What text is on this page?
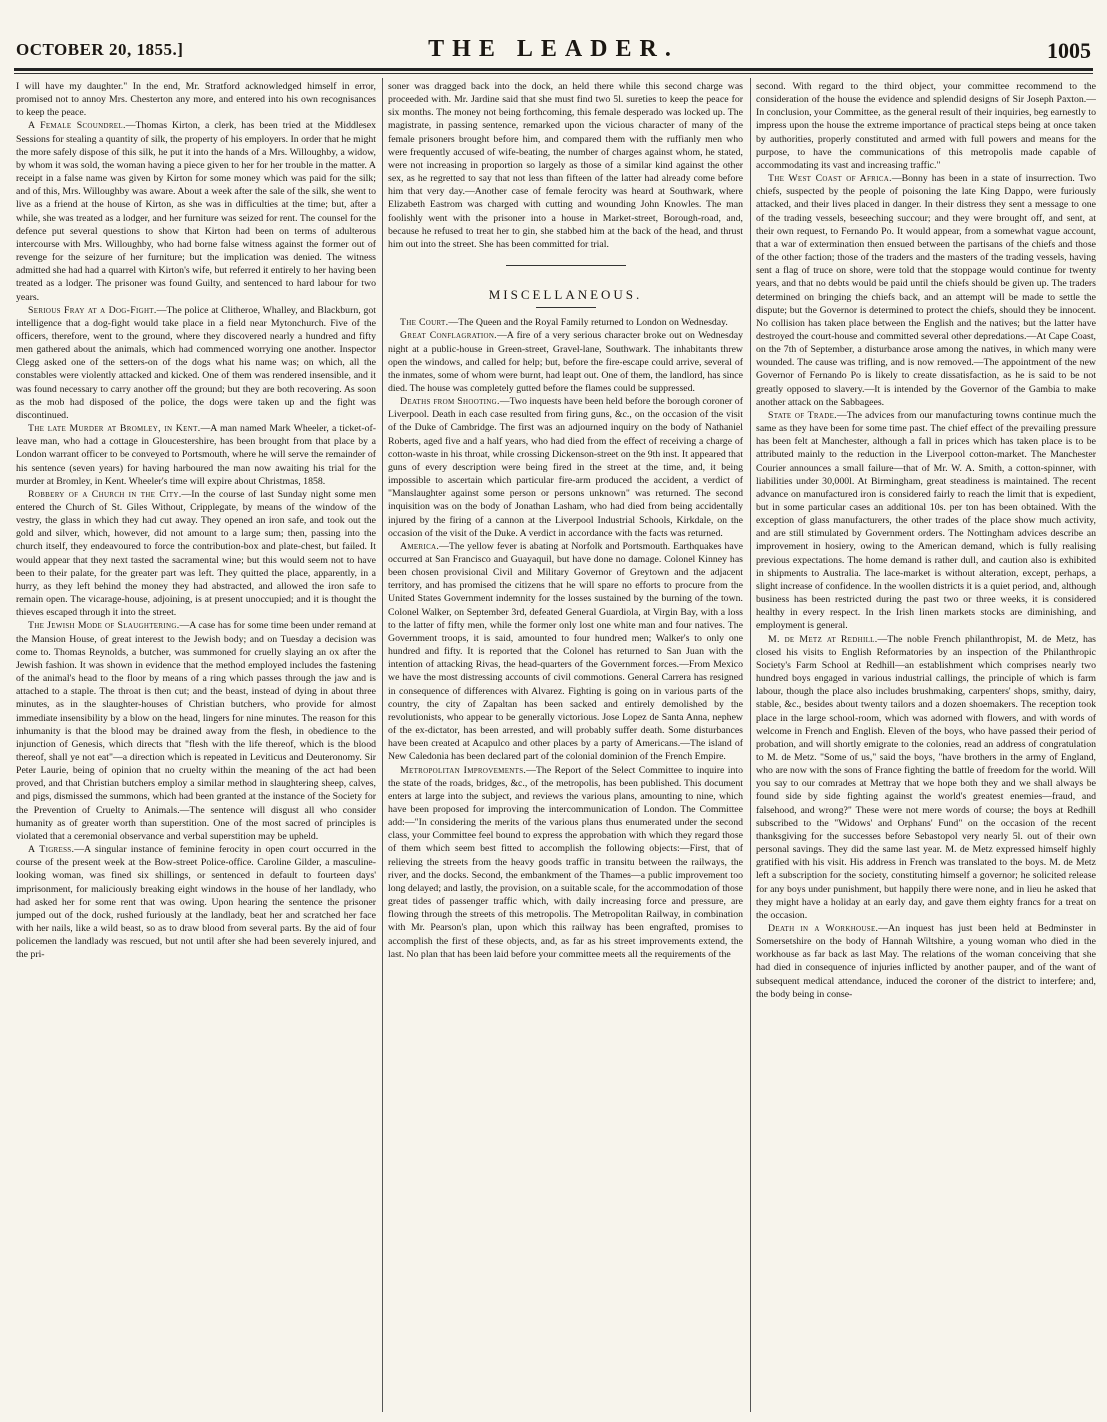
OCTOBER 20, 1855.]	THE LEADER.	1005

I will have my daughter." In the end, Mr. Stratford acknowledged himself in error, promised not to annoy Mrs. Chesterton any more, and entered into his own recognisances to keep the peace.

A Female Scoundrel.—Thomas Kirton, a clerk, has been tried at the Middlesex Sessions for stealing a quantity of silk, the property of his employers. In order that he might the more safely dispose of this silk, he put it into the hands of a Mrs. Willoughby, a widow, by whom it was sold, the woman having a piece given to her for her trouble in the matter. A receipt in a false name was given by Kirton for some money which was paid for the silk; and of this, Mrs. Willoughby was aware. About a week after the sale of the silk, she went to live as a friend at the house of Kirton, as she was in difficulties at the time; but, after a while, she was treated as a lodger, and her furniture was seized for rent. The counsel for the defence put several questions to show that Kirton had been on terms of adulterous intercourse with Mrs. Willoughby, who had borne false witness against the former out of revenge for the seizure of her furniture; but the implication was denied. The witness admitted she had had a quarrel with Kirton's wife, but referred it entirely to her having been treated as a lodger. The prisoner was found Guilty, and sentenced to hard labour for two years.

Serious Fray at a Dog-Fight.—The police at Clitheroe, Whalley, and Blackburn, got intelligence that a dog-fight would take place in a field near Mytonchurch. Five of the officers, therefore, went to the ground, where they discovered nearly a hundred and fifty men gathered about the animals, which had commenced worrying one another. Inspector Clegg asked one of the setters-on of the dogs what his name was; on which, all the constables were violently attacked and kicked. One of them was rendered insensible, and it was found necessary to carry another off the ground; but they are both recovering. As soon as the mob had disposed of the police, the dogs were taken up and the fight was discontinued.

The late Murder at Bromley, in Kent.—A man named Mark Wheeler, a ticket-of-leave man, who had a cottage in Gloucestershire, has been brought from that place by a London warrant officer to be conveyed to Portsmouth, where he will serve the remainder of his sentence (seven years) for having harboured the man now awaiting his trial for the murder at Bromley, in Kent. Wheeler's time will expire about Christmas, 1858.

Robbery of a Church in the City.—In the course of last Sunday night some men entered the Church of St. Giles Without, Cripplegate, by means of the window of the vestry, the glass in which they had cut away. They opened an iron safe, and took out the gold and silver, which, however, did not amount to a large sum; then, passing into the church itself, they endeavoured to force the contribution-box and plate-chest, but failed. It would appear that they next tasted the sacramental wine; but this would seem not to have been to their palate, for the greater part was left. They quitted the place, apparently, in a hurry, as they left behind the money they had abstracted, and allowed the iron safe to remain open. The vicarage-house, adjoining, is at present unoccupied; and it is thought the thieves escaped through it into the street.

The Jewish Mode of Slaughtering.—A case has for some time been under remand at the Mansion House, of great interest to the Jewish body; and on Tuesday a decision was come to. Thomas Reynolds, a butcher, was summoned for cruelly slaying an ox after the Jewish fashion. It was shown in evidence that the method employed includes the fastening of the animal's head to the floor by means of a ring which passes through the jaw and is attached to a staple. The throat is then cut; and the beast, instead of dying in about three minutes, as in the slaughter-houses of Christian butchers, who provide for almost immediate insensibility by a blow on the head, lingers for nine minutes. The reason for this inhumanity is that the blood may be drained away from the flesh, in obedience to the injunction of Genesis, which directs that "flesh with the life thereof, which is the blood thereof, shall ye not eat"—a direction which is repeated in Leviticus and Deuteronomy. Sir Peter Laurie, being of opinion that no cruelty within the meaning of the act had been proved, and that Christian butchers employ a similar method in slaughtering sheep, calves, and pigs, dismissed the summons, which had been granted at the instance of the Society for the Prevention of Cruelty to Animals.—The sentence will disgust all who consider humanity as of greater worth than superstition. One of the most sacred of principles is violated that a ceremonial observance and verbal superstition may be upheld.

A Tigress.—A singular instance of feminine ferocity in open court occurred in the course of the present week at the Bow-street Police-office. Caroline Gilder, a masculine-looking woman, was fined six shillings, or sentenced in default to fourteen days' imprisonment, for maliciously breaking eight windows in the house of her landlady, who had asked her for some rent that was owing. Upon hearing the sentence the prisoner jumped out of the dock, rushed furiously at the landlady, beat her and scratched her face with her nails, like a wild beast, so as to draw blood from several parts. By the aid of four policemen the landlady was rescued, but not until after she had been severely injured, and the pri-

soner was dragged back into the dock, an held there while this second charge was proceeded with. Mr. Jardine said that she must find two 5l. sureties to keep the peace for six months. The money not being forthcoming, this female desperado was locked up. The magistrate, in passing sentence, remarked upon the vicious character of many of the female prisoners brought before him, and compared them with the ruffianly men who were frequently accused of wife-beating, the number of charges against whom, he stated, were not increasing in proportion so largely as those of a similar kind against the other sex, as he regretted to say that not less than fifteen of the latter had already come before him that very day.—Another case of female ferocity was heard at Southwark, where Elizabeth Eastrom was charged with cutting and wounding John Knowles. The man foolishly went with the prisoner into a house in Market-street, Borough-road, and, because he refused to treat her to gin, she stabbed him at the back of the head, and thrust him out into the street. She has been committed for trial.

MISCELLANEOUS.

The Court.—The Queen and the Royal Family returned to London on Wednesday.

Great Conflagration.—A fire of a very serious character broke out on Wednesday night at a public-house in Green-street, Gravel-lane, Southwark. The inhabitants threw open the windows, and called for help; but, before the fire-escape could arrive, several of the inmates, some of whom were burnt, had leapt out. One of them, the landlord, has since died. The house was completely gutted before the flames could be suppressed.

Deaths from Shooting.—Two inquests have been held before the borough coroner of Liverpool. Death in each case resulted from firing guns, &c., on the occasion of the visit of the Duke of Cambridge. The first was an adjourned inquiry on the body of Nathaniel Roberts, aged five and a half years, who had died from the effect of receiving a charge of cotton-waste in his throat, while crossing Dickenson-street on the 9th inst. It appeared that guns of every description were being fired in the street at the time, and, it being impossible to ascertain which particular fire-arm produced the accident, a verdict of "Manslaughter against some person or persons unknown" was returned. The second inquisition was on the body of Jonathan Lasham, who had died from being accidentally injured by the firing of a cannon at the Liverpool Industrial Schools, Kirkdale, on the occasion of the visit of the Duke. A verdict in accordance with the facts was returned.

America.—The yellow fever is abating at Norfolk and Portsmouth. Earthquakes have occurred at San Francisco and Guayaquil, but have done no damage. Colonel Kinney has been chosen provisional Civil and Military Governor of Greytown and the adjacent territory, and has promised the citizens that he will spare no efforts to procure from the United States Government indemnity for the losses sustained by the burning of the town. Colonel Walker, on September 3rd, defeated General Guardiola, at Virgin Bay, with a loss to the latter of fifty men, while the former only lost one white man and four natives. The Government troops, it is said, amounted to four hundred men; Walker's to only one hundred and fifty. It is reported that the Colonel has returned to San Juan with the intention of attacking Rivas, the head-quarters of the Government forces.—From Mexico we have the most distressing accounts of civil commotions. General Carrera has resigned in consequence of differences with Alvarez. Fighting is going on in various parts of the country, the city of Zapaltan has been sacked and entirely demolished by the revolutionists, who appear to be generally victorious. Jose Lopez de Santa Anna, nephew of the ex-dictator, has been arrested, and will probably suffer death. Some disturbances have been created at Acapulco and other places by a party of Americans.—The island of New Caledonia has been declared part of the colonial dominion of the French Empire.

Metropolitan Improvements.—The Report of the Select Committee to inquire into the state of the roads, bridges, &c., of the metropolis, has been published. This document enters at large into the subject, and reviews the various plans, amounting to nine, which have been proposed for improving the intercommunication of London. The Committee add:—"In considering the merits of the various plans thus enumerated under the second class, your Committee feel bound to express the approbation with which they regard those of them which seem best fitted to accomplish the following objects:—First, that of relieving the streets from the heavy goods traffic in transitu between the railways, the river, and the docks. Second, the embankment of the Thames—a public improvement too long delayed; and lastly, the provision, on a suitable scale, for the accommodation of those great tides of passenger traffic which, with daily increasing force and pressure, are flowing through the streets of this metropolis. The Metropolitan Railway, in combination with Mr. Pearson's plan, upon which this railway has been engrafted, promises to accomplish the first of these objects, and, as far as his street improvements extend, the last. No plan that has been laid before your committee meets all the requirements of the

second. With regard to the third object, your committee recommend to the consideration of the house the evidence and splendid designs of Sir Joseph Paxton.—In conclusion, your Committee, as the general result of their inquiries, beg earnestly to impress upon the house the extreme importance of practical steps being at once taken by authorities, properly constituted and armed with full powers and means for the purpose, to have the communications of this metropolis made capable of accommodating its vast and increasing traffic."

The West Coast of Africa.—Bonny has been in a state of insurrection. Two chiefs, suspected by the people of poisoning the late King Dappo, were furiously attacked, and their lives placed in danger. In their distress they sent a message to one of the trading vessels, beseeching succour; and they were brought off, and sent, at their own request, to Fernando Po. It would appear, from a somewhat vague account, that a war of extermination then ensued between the partisans of the chiefs and those of the other faction; those of the traders and the masters of the trading vessels, having sent a flag of truce on shore, were told that the stoppage would continue for twenty years, and that no debts would be paid until the chiefs should be given up. The traders determined on bringing the chiefs back, and an attempt will be made to settle the dispute; but the Governor is determined to protect the chiefs, should they be innocent. No collision has taken place between the English and the natives; but the latter have destroyed the court-house and committed several other depredations.—At Cape Coast, on the 7th of September, a disturbance arose among the natives, in which many were wounded. The cause was trifling, and is now removed.—The appointment of the new Governor of Fernando Po is likely to create dissatisfaction, as he is said to be not greatly opposed to slavery.—It is intended by the Governor of the Gambia to make another attack on the Sabbagees.

State of Trade.—The advices from our manufacturing towns continue much the same as they have been for some time past. The chief effect of the prevailing pressure has been felt at Manchester, although a fall in prices which has taken place is to be attributed mainly to the reduction in the Liverpool cotton-market. The Manchester Courier announces a small failure—that of Mr. W. A. Smith, a cotton-spinner, with liabilities under 30,000l. At Birmingham, great steadiness is maintained. The recent advance on manufactured iron is considered fairly to reach the limit that is expedient, but in some particular cases an additional 10s. per ton has been obtained. With the exception of glass manufacturers, the other trades of the place show much activity, and are still stimulated by Government orders. The Nottingham advices describe an improvement in hosiery, owing to the American demand, which is fully realising previous expectations. The home demand is rather dull, and caution also is exhibited in shipments to Australia. The lace-market is without alteration, except, perhaps, a slight increase of confidence. In the woollen districts it is a quiet period, and, although business has been restricted during the past two or three weeks, it is considered healthy in every respect. In the Irish linen markets stocks are diminishing, and employment is general.

M. de Metz at Redhill.—The noble French philanthropist, M. de Metz, has closed his visits to English Reformatories by an inspection of the Philanthropic Society's Farm School at Redhill—an establishment which comprises nearly two hundred boys engaged in various industrial callings, the principle of which is farm labour, though the place also includes brushmaking, carpenters' shops, smithy, dairy, stable, &c., besides about twenty tailors and a dozen shoemakers. The reception took place in the large school-room, which was adorned with flowers, and with words of welcome in French and English. Eleven of the boys, who have passed their period of probation, and will shortly emigrate to the colonies, read an address of congratulation to M. de Metz. "Some of us," said the boys, "have brothers in the army of England, who are now with the sons of France fighting the battle of freedom for the world. Will you say to our comrades at Mettray that we hope both they and we shall always be found side by side fighting against the world's greatest enemies—fraud, and falsehood, and wrong?" These were not mere words of course; the boys at Redhill subscribed to the "Widows' and Orphans' Fund" on the occasion of the recent thanksgiving for the successes before Sebastopol very nearly 5l. out of their own personal savings. They did the same last year. M. de Metz expressed himself highly gratified with his visit. His address in French was translated to the boys. M. de Metz left a subscription for the society, constituting himself a governor; he solicited release for any boys under punishment, but happily there were none, and in lieu he asked that they might have a holiday at an early day, and gave them eighty francs for a treat on the occasion.

Death in a Workhouse.—An inquest has just been held at Bedminster in Somersetshire on the body of Hannah Wiltshire, a young woman who died in the workhouse as far back as last May. The relations of the woman conceiving that she had died in consequence of injuries inflicted by another pauper, and of the want of subsequent medical attendance, induced the coroner of the district to interfere; and, the body being in conse-
